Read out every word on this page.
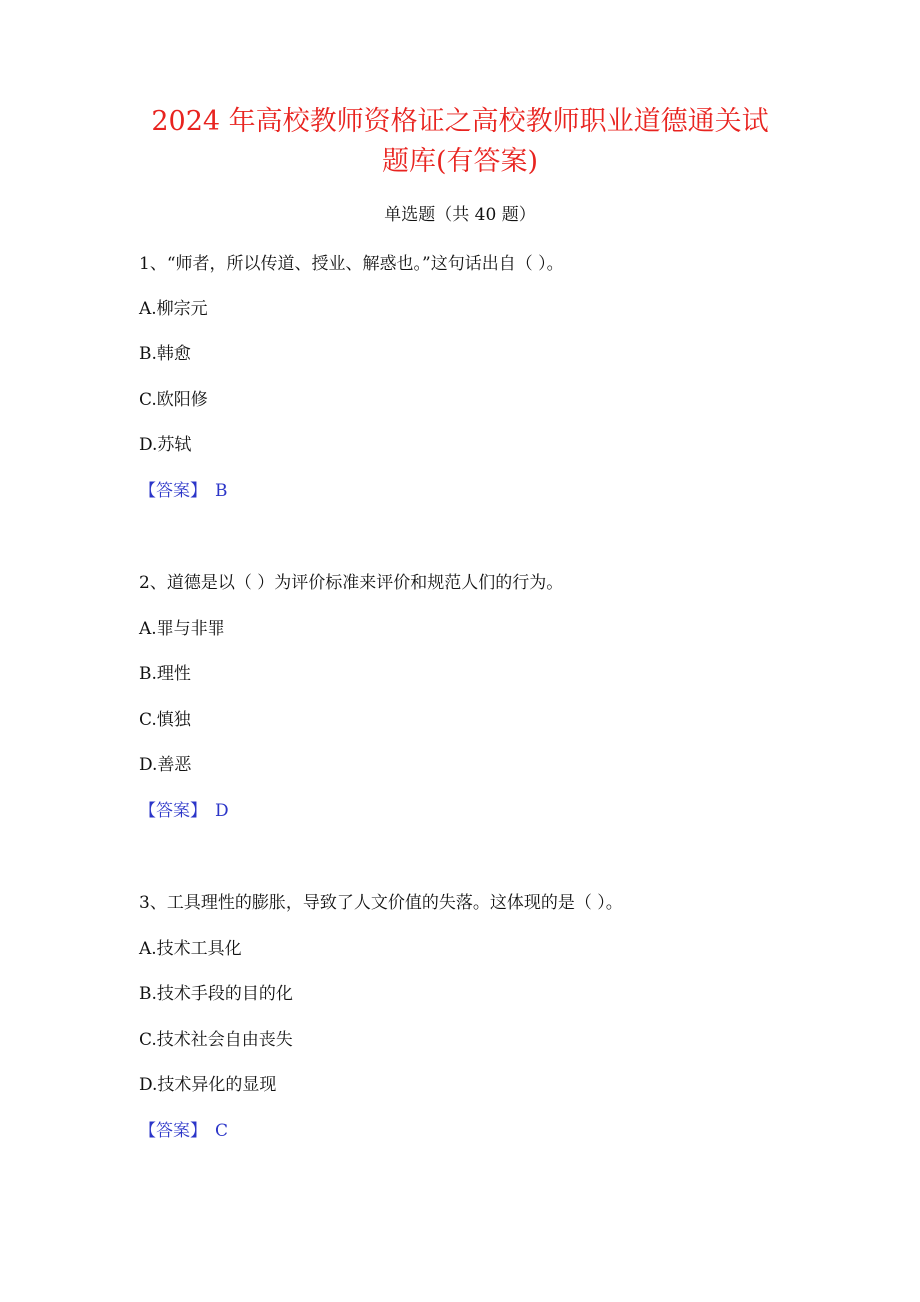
2024 年高校教师资格证之高校教师职业道德通关试
题库(有答案)
单选题（共 40 题）
1、“师者，所以传道、授业、解惑也。”这句话出自（ ）。
A.柳宗元
B.韩愈
C.欧阳修
D.苏轼
【答案】 B
2、道德是以（ ）为评价标准来评价和规范人们的行为。
A.罪与非罪
B.理性
C.慎独
D.善恶
【答案】 D
3、工具理性的膨胀，导致了人文价值的失落。这体现的是（ ）。
A.技术工具化
B.技术手段的目的化
C.技术社会自由丧失
D.技术异化的显现
【答案】 C
